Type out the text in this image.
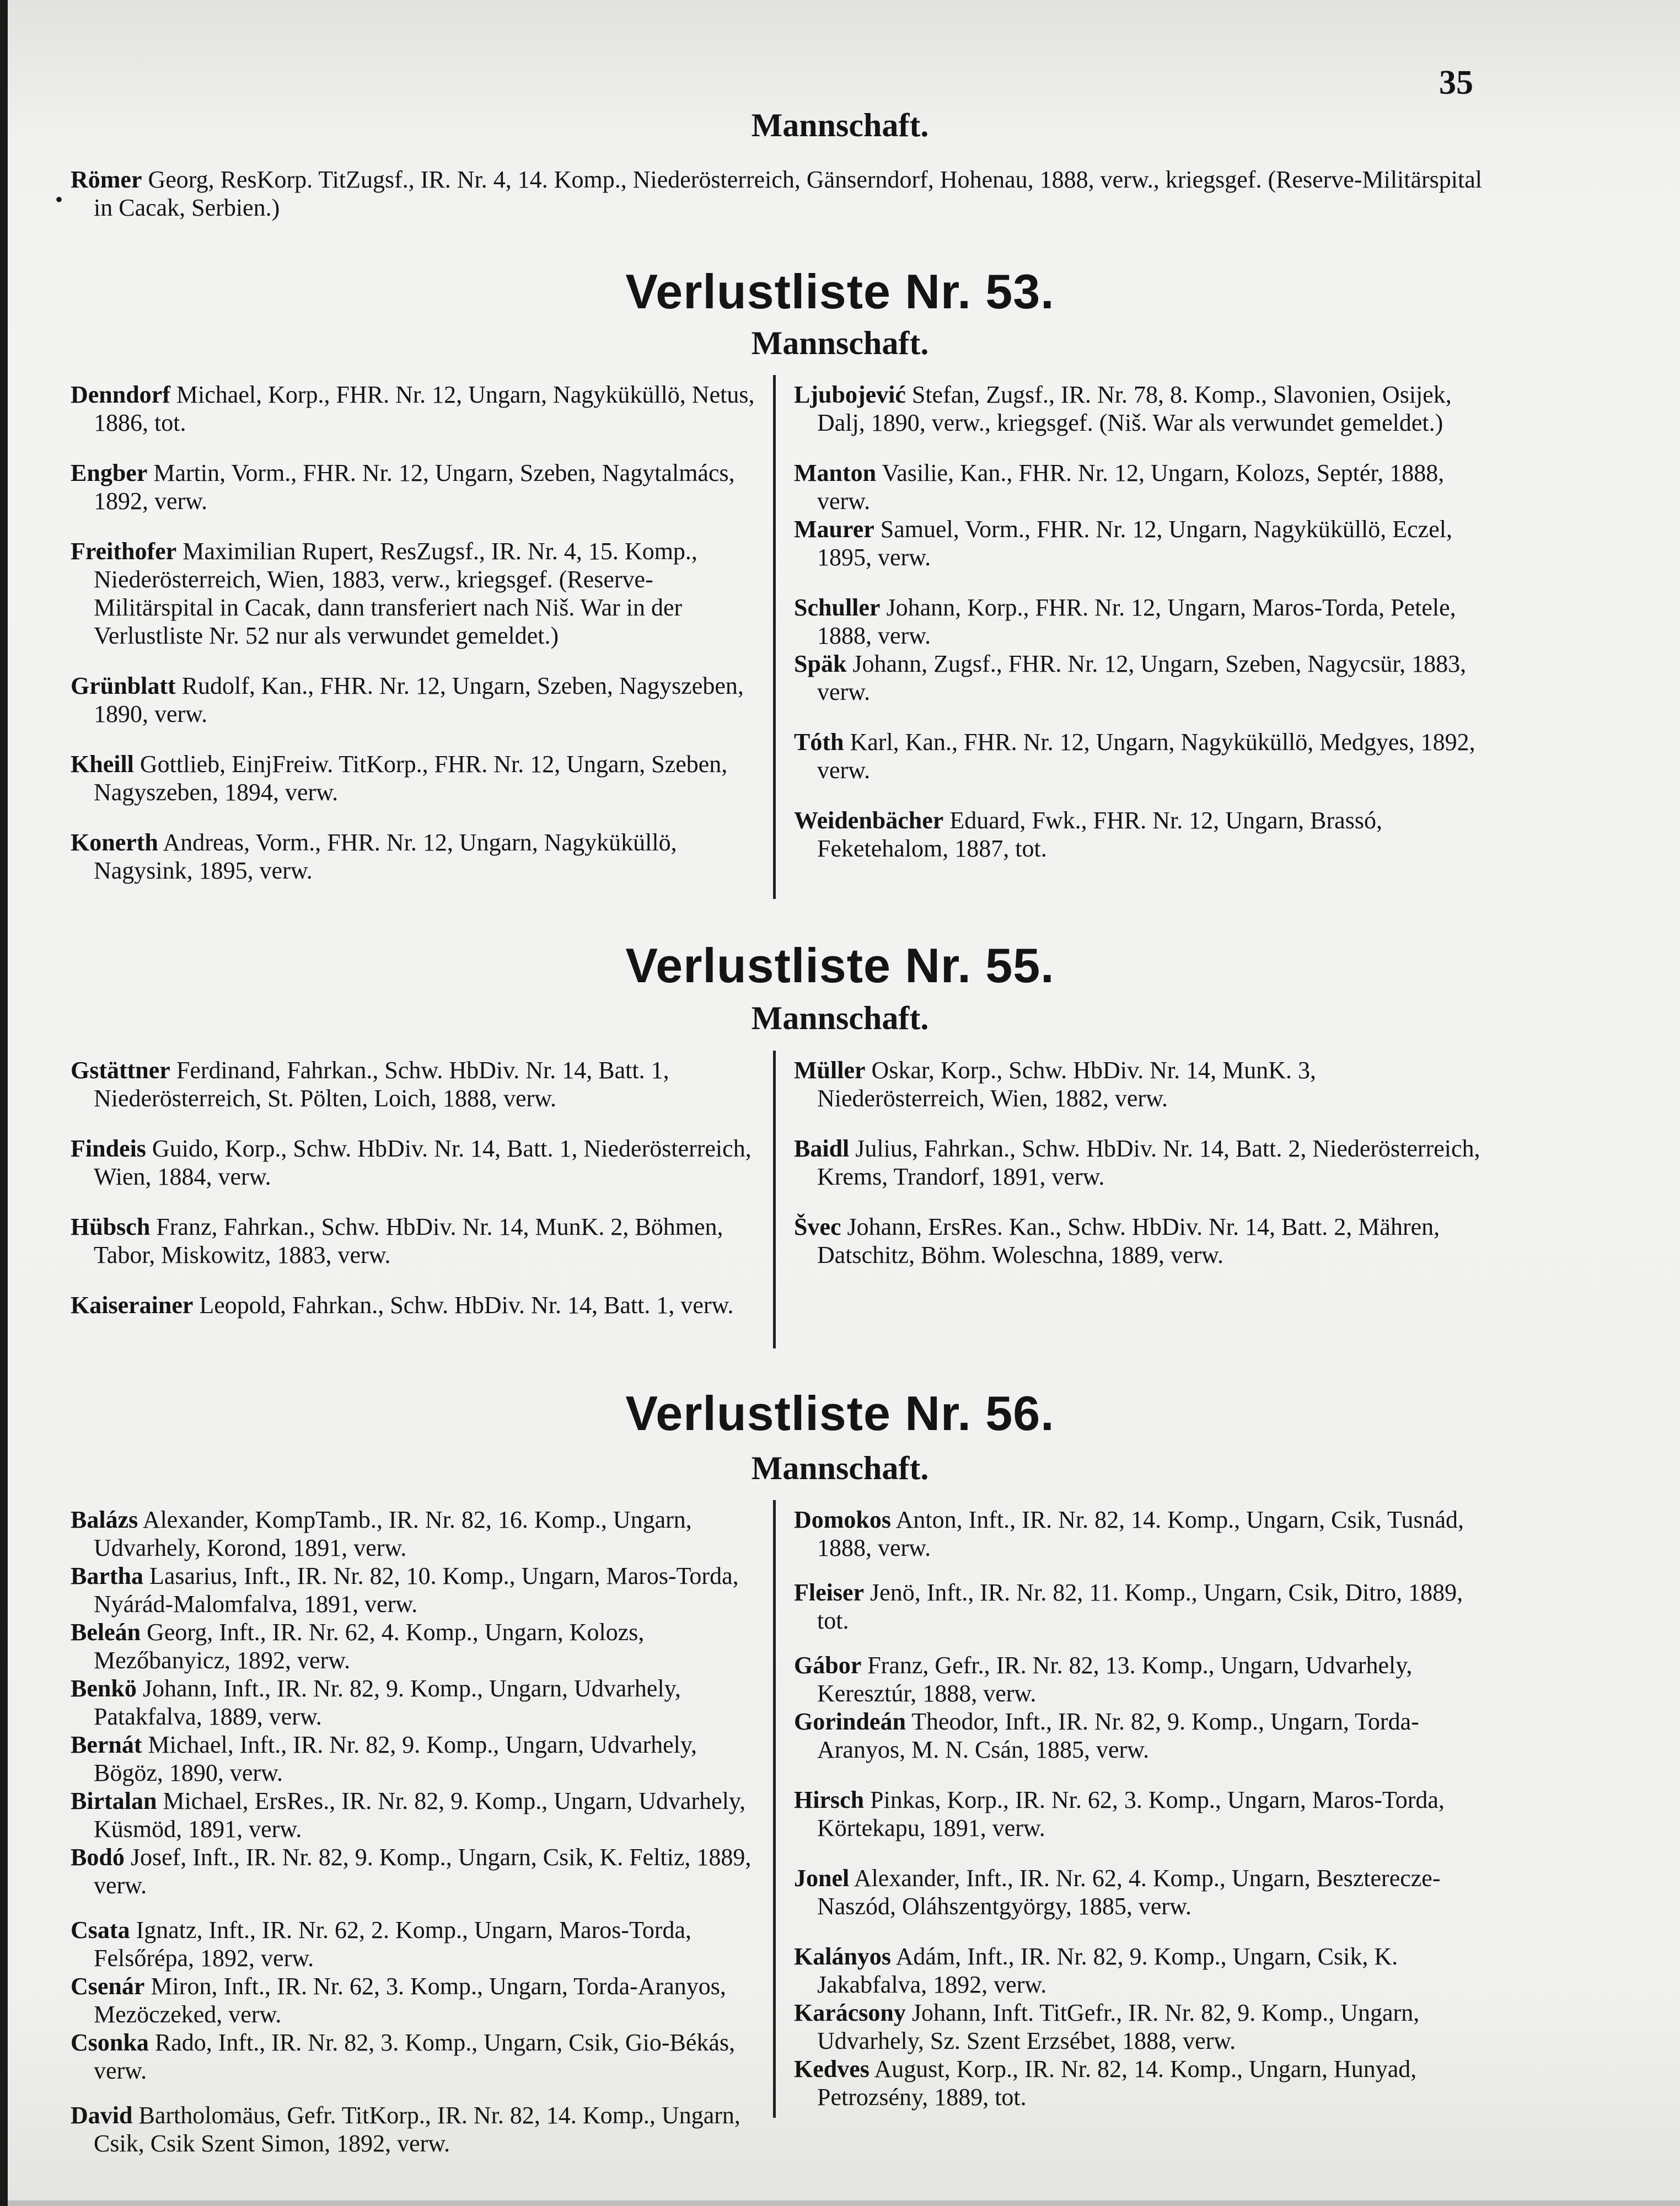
35
Mannschaft.
•

Römer Georg, ResKorp. TitZugsf., IR. Nr. 4, 14. Komp., Niederösterreich, Gänserndorf, Hohenau, 1888, verw., kriegsgef. (Reserve-Militärspital in Cacak, Serbien.)

Verlustliste Nr. 53.
Mannschaft.

Denndorf Michael, Korp., FHR. Nr. 12, Ungarn, Nagyküküllö, Netus, 1886, tot.

Engber Martin, Vorm., FHR. Nr. 12, Ungarn, Szeben, Nagytalmács, 1892, verw.

Freithofer Maximilian Rupert, ResZugsf., IR. Nr. 4, 15. Komp., Niederösterreich, Wien, 1883, verw., kriegsgef. (Reserve-Militärspital in Cacak, dann transferiert nach Niš. War in der Verlustliste Nr. 52 nur als verwundet gemeldet.)

Grünblatt Rudolf, Kan., FHR. Nr. 12, Ungarn, Szeben, Nagyszeben, 1890, verw.

Kheill Gottlieb, EinjFreiw. TitKorp., FHR. Nr. 12, Ungarn, Szeben, Nagyszeben, 1894, verw.

Konerth Andreas, Vorm., FHR. Nr. 12, Ungarn, Nagyküküllö, Nagysink, 1895, verw.

Ljubojević Stefan, Zugsf., IR. Nr. 78, 8. Komp., Slavonien, Osijek, Dalj, 1890, verw., kriegsgef. (Niš. War als verwundet gemeldet.)

Manton Vasilie, Kan., FHR. Nr. 12, Ungarn, Kolozs, Septér, 1888, verw.

Maurer Samuel, Vorm., FHR. Nr. 12, Ungarn, Nagyküküllö, Eczel, 1895, verw.

Schuller Johann, Korp., FHR. Nr. 12, Ungarn, Maros-Torda, Petele, 1888, verw.

Späk Johann, Zugsf., FHR. Nr. 12, Ungarn, Szeben, Nagycsür, 1883, verw.

Tóth Karl, Kan., FHR. Nr. 12, Ungarn, Nagyküküllö, Medgyes, 1892, verw.

Weidenbächer Eduard, Fwk., FHR. Nr. 12, Ungarn, Brassó, Feketehalom, 1887, tot.

Verlustliste Nr. 55.
Mannschaft.

Gstättner Ferdinand, Fahrkan., Schw. HbDiv. Nr. 14, Batt. 1, Niederösterreich, St. Pölten, Loich, 1888, verw.

Findeis Guido, Korp., Schw. HbDiv. Nr. 14, Batt. 1, Niederösterreich, Wien, 1884, verw.

Hübsch Franz, Fahrkan., Schw. HbDiv. Nr. 14, MunK. 2, Böhmen, Tabor, Miskowitz, 1883, verw.

Kaiserainer Leopold, Fahrkan., Schw. HbDiv. Nr. 14, Batt. 1, verw.

Müller Oskar, Korp., Schw. HbDiv. Nr. 14, MunK. 3, Niederösterreich, Wien, 1882, verw.

Baidl Julius, Fahrkan., Schw. HbDiv. Nr. 14, Batt. 2, Niederösterreich, Krems, Trandorf, 1891, verw.

Švec Johann, ErsRes. Kan., Schw. HbDiv. Nr. 14, Batt. 2, Mähren, Datschitz, Böhm. Woleschna, 1889, verw.

Verlustliste Nr. 56.
Mannschaft.

Balázs Alexander, KompTamb., IR. Nr. 82, 16. Komp., Ungarn, Udvarhely, Korond, 1891, verw.

Bartha Lasarius, Inft., IR. Nr. 82, 10. Komp., Ungarn, Maros-Torda, Nyárád-Malomfalva, 1891, verw.

Beleán Georg, Inft., IR. Nr. 62, 4. Komp., Ungarn, Kolozs, Mezőbanyicz, 1892, verw.

Benkö Johann, Inft., IR. Nr. 82, 9. Komp., Ungarn, Udvarhely, Patakfalva, 1889, verw.

Bernát Michael, Inft., IR. Nr. 82, 9. Komp., Ungarn, Udvarhely, Bögöz, 1890, verw.

Birtalan Michael, ErsRes., IR. Nr. 82, 9. Komp., Ungarn, Udvarhely, Küsmöd, 1891, verw.

Bodó Josef, Inft., IR. Nr. 82, 9. Komp., Ungarn, Csik, K. Feltiz, 1889, verw.

Csata Ignatz, Inft., IR. Nr. 62, 2. Komp., Ungarn, Maros-Torda, Felsőrépa, 1892, verw.

Csenár Miron, Inft., IR. Nr. 62, 3. Komp., Ungarn, Torda-Aranyos, Mezöczeked, verw.

Csonka Rado, Inft., IR. Nr. 82, 3. Komp., Ungarn, Csik, Gio-Békás, verw.

David Bartholomäus, Gefr. TitKorp., IR. Nr. 82, 14. Komp., Ungarn, Csik, Csik Szent Simon, 1892, verw.

Domokos Anton, Inft., IR. Nr. 82, 14. Komp., Ungarn, Csik, Tusnád, 1888, verw.

Fleiser Jenö, Inft., IR. Nr. 82, 11. Komp., Ungarn, Csik, Ditro, 1889, tot.

Gábor Franz, Gefr., IR. Nr. 82, 13. Komp., Ungarn, Udvarhely, Keresztúr, 1888, verw.

Gorindeán Theodor, Inft., IR. Nr. 82, 9. Komp., Ungarn, Torda-Aranyos, M. N. Csán, 1885, verw.

Hirsch Pinkas, Korp., IR. Nr. 62, 3. Komp., Ungarn, Maros-Torda, Körtekapu, 1891, verw.

Jonel Alexander, Inft., IR. Nr. 62, 4. Komp., Ungarn, Beszterecze-Naszód, Oláhszentgyörgy, 1885, verw.

Kalányos Adám, Inft., IR. Nr. 82, 9. Komp., Ungarn, Csik, K. Jakabfalva, 1892, verw.

Karácsony Johann, Inft. TitGefr., IR. Nr. 82, 9. Komp., Ungarn, Udvarhely, Sz. Szent Erzsébet, 1888, verw.

Kedves August, Korp., IR. Nr. 82, 14. Komp., Ungarn, Hunyad, Petrozsény, 1889, tot.
